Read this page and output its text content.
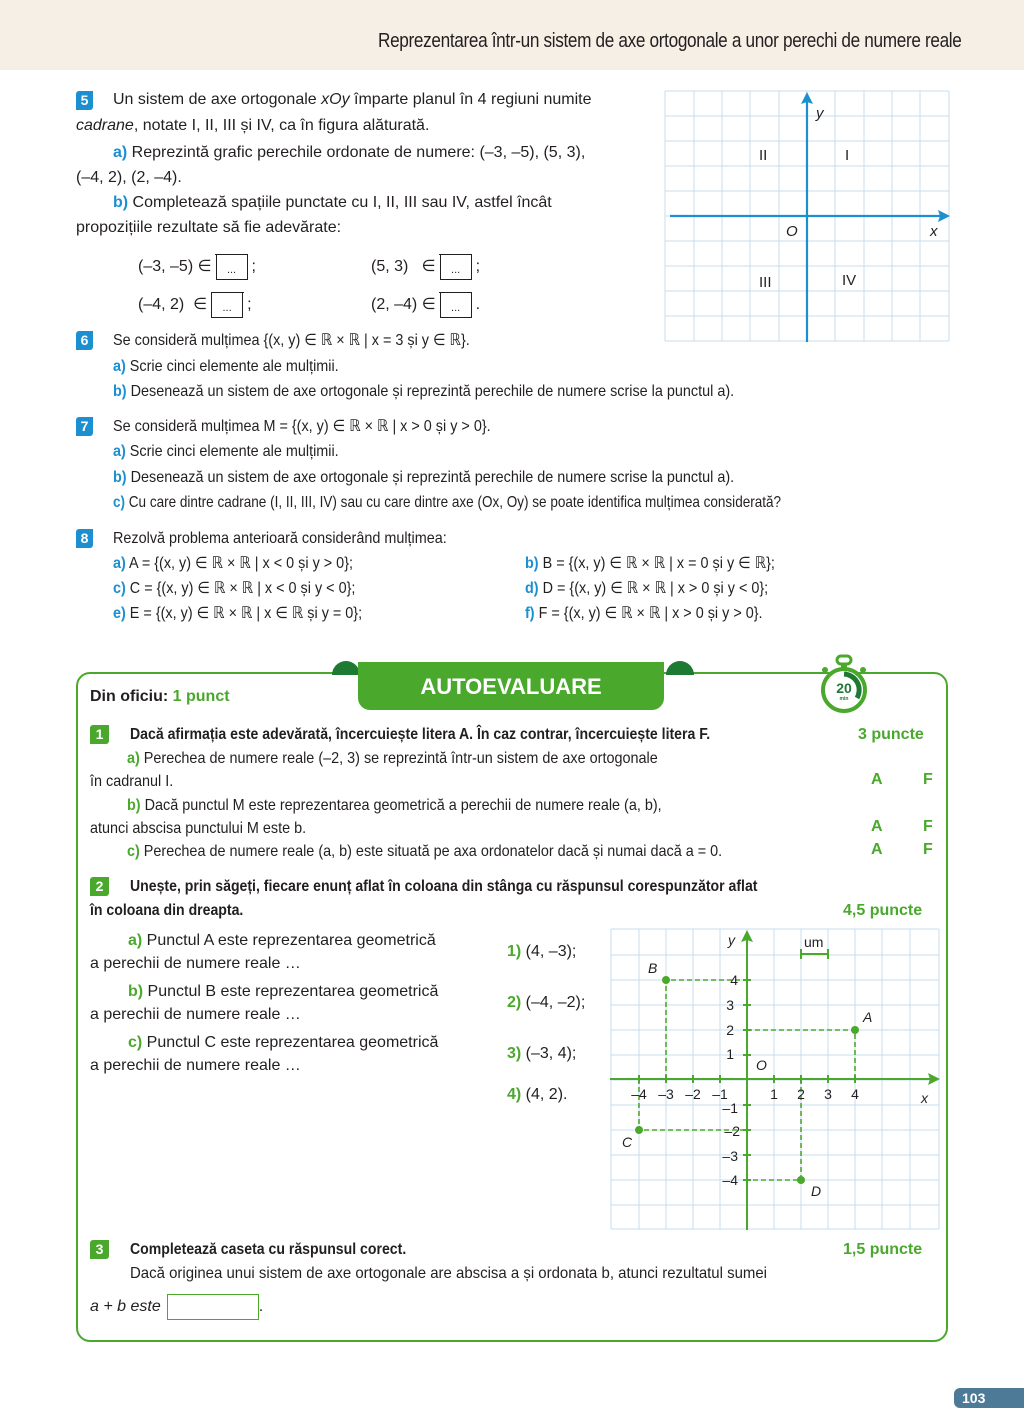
Reprezentarea într-un sistem de axe ortogonale a unor perechi de numere reale
5 Un sistem de axe ortogonale xOy împarte planul în 4 regiuni numite
cadrane, notate I, II, III și IV, ca în figura alăturată.
a) Reprezintă grafic perechile ordonate de numere: (–3, –5), (5, 3),
(–4, 2), (2, –4).
b) Completează spațiile punctate cu I, II, III sau IV, astfel încât
propozițiile rezultate să fie adevărate:
(–3, –5) ∈	... ;	(5, 3)   ∈	... ;
(–4, 2)  ∈	... ;	(2, –4) ∈	... .
y
x
O
I
II
III	IV
6 Se consideră mulțimea {(x, y) ∈ ℝ × ℝ | x = 3 și y ∈ ℝ}.
a) Scrie cinci elemente ale mulțimii.
b) Desenează un sistem de axe ortogonale și reprezintă perechile de numere scrise la punctul a).
7 Se consideră mulțimea M = {(x, y) ∈ ℝ × ℝ | x > 0 și y > 0}.
a) Scrie cinci elemente ale mulțimii.
b) Desenează un sistem de axe ortogonale și reprezintă perechile de numere scrise la punctul a).
c) Cu care dintre cadrane (I, II, III, IV) sau cu care dintre axe (Ox, Oy) se poate identifica mulțimea considerată?
8 Rezolvă problema anterioară considerând mulțimea:
a) A = {(x, y) ∈ ℝ × ℝ | x < 0 și y > 0};	b) B = {(x, y) ∈ ℝ × ℝ | x = 0 și y ∈ ℝ};
c) C = {(x, y) ∈ ℝ × ℝ | x < 0 și y < 0};	d) D = {(x, y) ∈ ℝ × ℝ | x > 0 și y < 0};
e) E = {(x, y) ∈ ℝ × ℝ | x ∈ ℝ și y = 0};	f) F = {(x, y) ∈ ℝ × ℝ | x > 0 și y > 0}.
AUTOEVALUARE	20
min
Din oficiu: 1 punct
1	Dacă afirmația este adevărată, încercuiește litera A. În caz contrar, încercuiește litera F.	3 puncte
a) Perechea de numere reale (–2, 3) se reprezintă într-un sistem de axe ortogonale
în cadranul I.	A	F
b) Dacă punctul M este reprezentarea geometrică a perechii de numere reale (a, b),
atunci abscisa punctului M este b.	A	F
c) Perechea de numere reale (a, b) este situată pe axa ordonatelor dacă și numai dacă a = 0.	A	F
2	Unește, prin săgeți, fiecare enunț aflat în coloana din stânga cu răspunsul corespunzător aflat
în coloana din dreapta.	4,5 puncte
a) Punctul A este reprezentarea geometrică
a perechii de numere reale …
b) Punctul B este reprezentarea geometrică
a perechii de numere reale …
c) Punctul C este reprezentarea geometrică
a perechii de numere reale …
1) (4, –3);
2) (–4, –2);
3) (–3, 4);
4) (4, 2).
y
x
O
um
A
B
C
D
–4 –3 –2 –1	1 2 3 4
4
3
2
1
–1
–2
–3
–4
3	Completează caseta cu răspunsul corect.	1,5 puncte
Dacă originea unui sistem de axe ortogonale are abscisa a și ordonata b, atunci rezultatul sumei
a + b este	.
103
